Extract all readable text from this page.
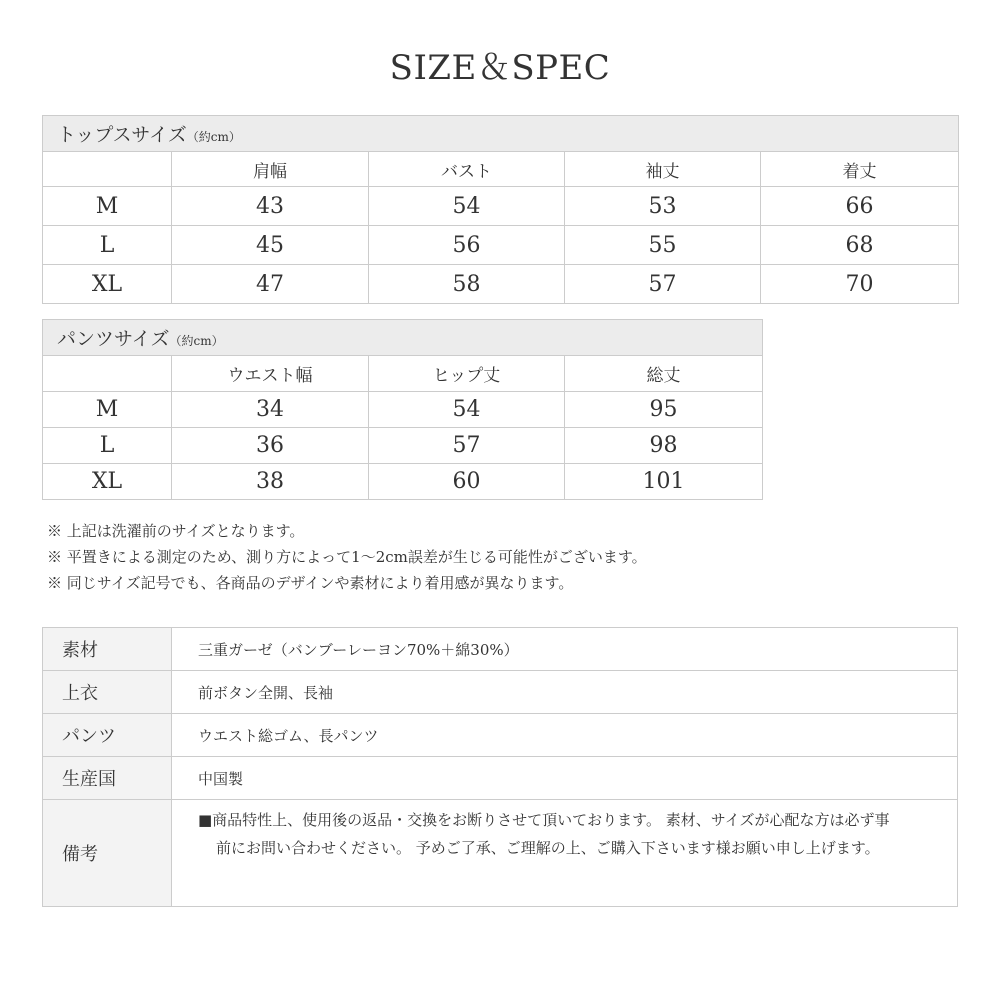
SIZE＆SPEC
トップスサイズ（約cm）				
	肩幅	バスト	袖丈	着丈
M	43	54	53	66
L	45	56	55	68
XL	47	58	57	70
パンツサイズ（約cm）			
	ウエスト幅	ヒップ丈	総丈
M	34	54	95
L	36	57	98
XL	38	60	101
※ 上記は洗濯前のサイズとなります。
※ 平置きによる測定のため、測り方によって1〜2cm誤差が生じる可能性がございます。
※ 同じサイズ記号でも、各商品のデザインや素材により着用感が異なります。
素材	三重ガーゼ（バンブーレーヨン70%＋綿30%）
上衣	前ボタン全開、長袖
パンツ	ウエスト総ゴム、長パンツ
生産国	中国製
備考	■商品特性上、使用後の返品・交換をお断りさせて頂いております。 素材、サイズが心配な方は必ず事
前にお問い合わせください。 予めご了承、ご理解の上、ご購入下さいます様お願い申し上げます。
